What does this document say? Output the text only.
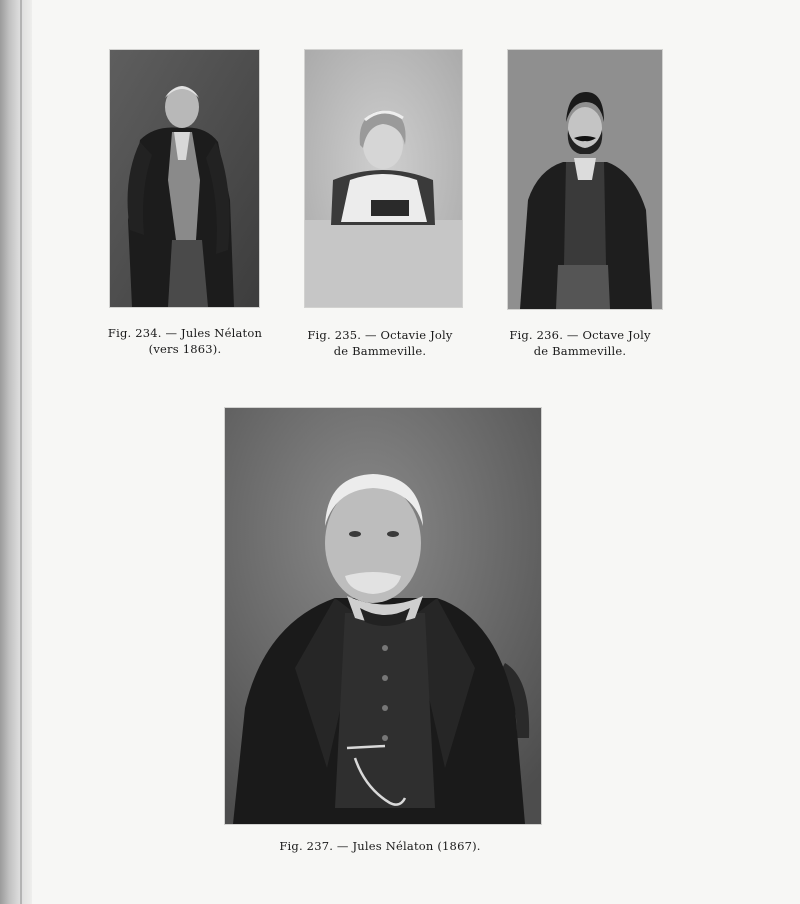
Fig. 234. — Jules Nélaton
(vers 1863).
Fig. 235. — Octavie Joly
de Bammeville.
Fig. 236. — Octave Joly
de Bammeville.
Fig. 237. — Jules Nélaton (1867).
